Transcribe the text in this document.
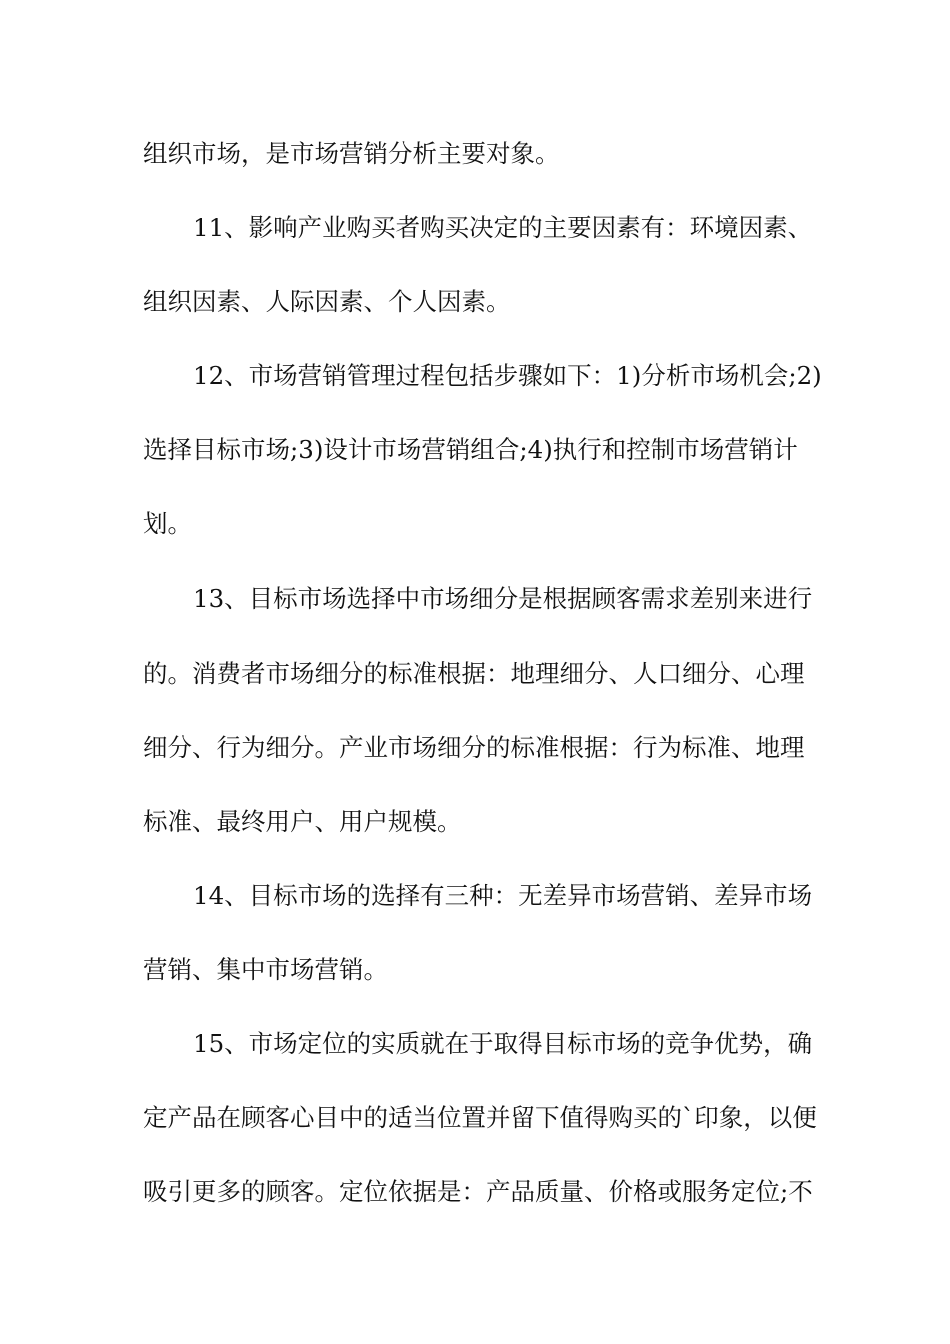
组织市场，是市场营销分析主要对象。
11、影响产业购买者购买决定的主要因素有：环境因素、
组织因素、人际因素、个人因素。
12、市场营销管理过程包括步骤如下：1)分析市场机会;2)
选择目标市场;3)设计市场营销组合;4)执行和控制市场营销计
划。
13、目标市场选择中市场细分是根据顾客需求差别来进行
的。消费者市场细分的标准根据：地理细分、人口细分、心理
细分、行为细分。产业市场细分的标准根据：行为标准、地理
标准、最终用户、用户规模。
14、目标市场的选择有三种：无差异市场营销、差异市场
营销、集中市场营销。
15、市场定位的实质就在于取得目标市场的竞争优势，确
定产品在顾客心目中的适当位置并留下值得购买的`印象，以便
吸引更多的顾客。定位依据是：产品质量、价格或服务定位;不
